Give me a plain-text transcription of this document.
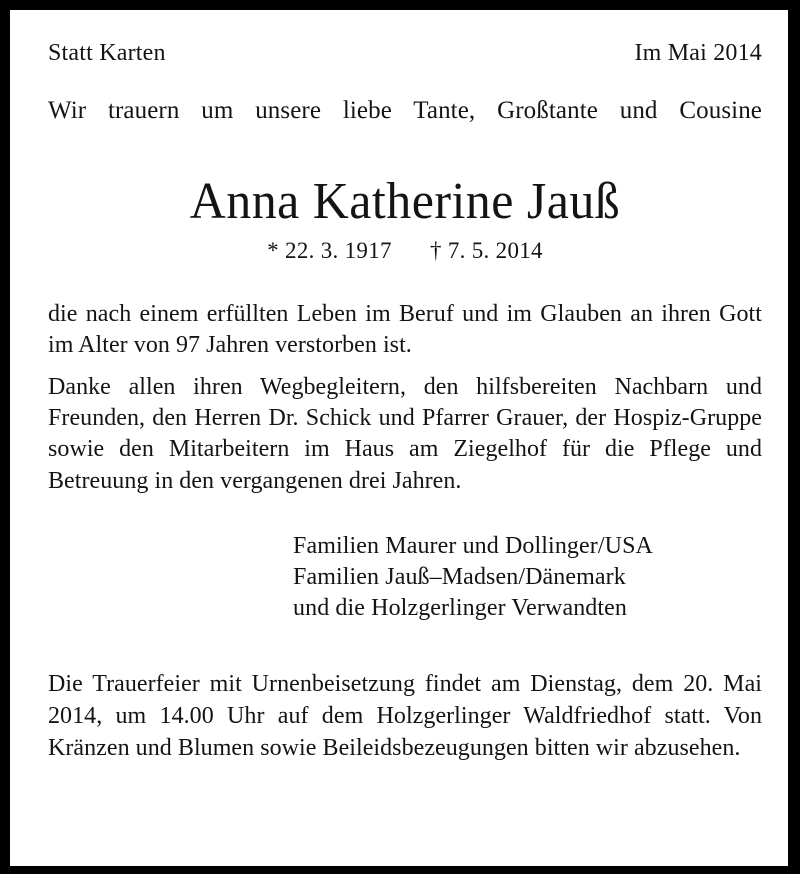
Statt Karten	Im Mai 2014
Wir trauern um unsere liebe Tante, Großtante und Cousine
Anna Katherine Jauß
* 22. 3. 1917 † 7. 5. 2014

die nach einem erfüllten Leben im Beruf und im Glauben an ihren Gott im Alter von 97 Jahren verstorben ist.

Danke allen ihren Wegbegleitern, den hilfsbereiten Nachbarn und Freunden, den Herren Dr. Schick und Pfarrer Grauer, der Hospiz-Gruppe sowie den Mitarbeitern im Haus am Ziegelhof für die Pflege und Betreuung in den vergangenen drei Jahren.

Familien Maurer und Dollinger/USA
Familien Jauß–Madsen/Dänemark
und die Holzgerlinger Verwandten

Die Trauerfeier mit Urnenbeisetzung findet am Dienstag, dem 20. Mai 2014, um 14.00 Uhr auf dem Holzgerlinger Waldfriedhof statt. Von Kränzen und Blumen sowie Beileidsbezeugungen bitten wir abzusehen.
